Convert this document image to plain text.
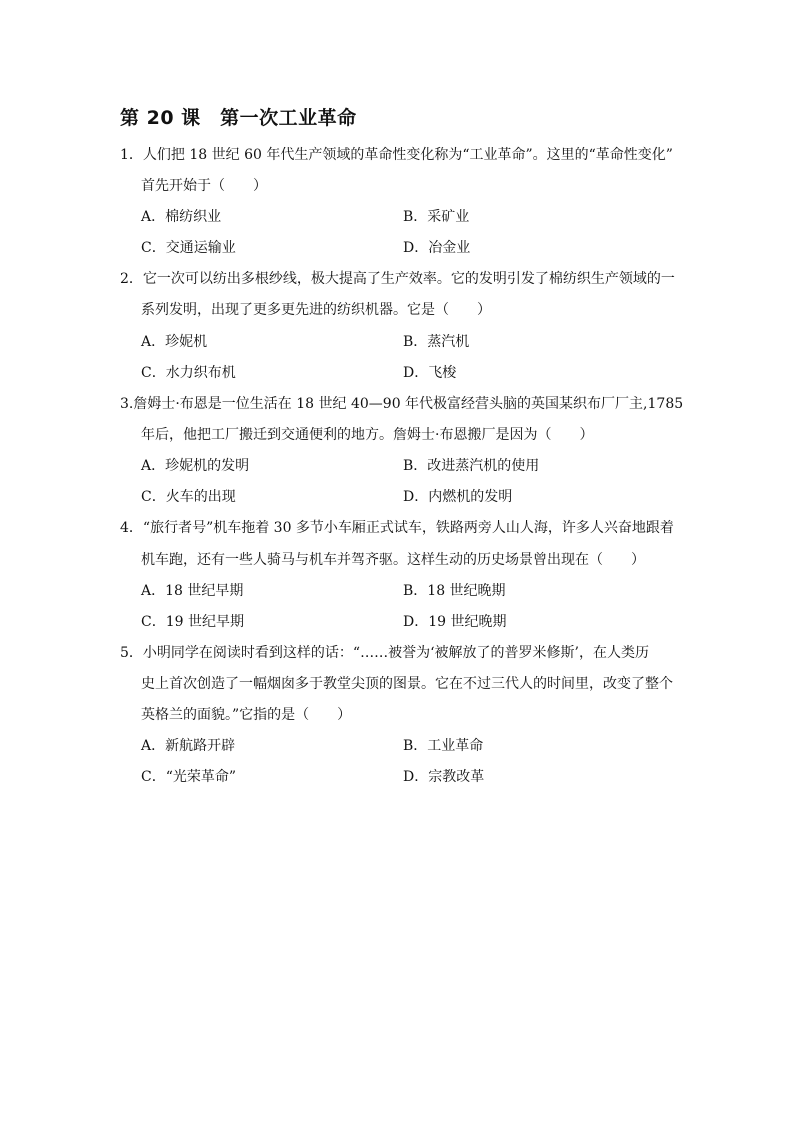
第 20 课　第一次工业革命
1．人们把 18 世纪 60 年代生产领域的革命性变化称为“工业革命”。这里的“革命性变化”
首先开始于（　　）
A．棉纺织业	B．采矿业
C．交通运输业	D．冶金业
2．它一次可以纺出多根纱线，极大提高了生产效率。它的发明引发了棉纺织生产领域的一
系列发明，出现了更多更先进的纺织机器。它是（　　）
A．珍妮机	B．蒸汽机
C．水力织布机	D．飞梭
3.詹姆士·布恩是一位生活在 18 世纪 40—90 年代极富经营头脑的英国某织布厂厂主,1785
年后，他把工厂搬迁到交通便利的地方。詹姆士·布恩搬厂是因为（　　）
A．珍妮机的发明	B．改进蒸汽机的使用
C．火车的出现	D．内燃机的发明
4．“旅行者号”机车拖着 30 多节小车厢正式试车，铁路两旁人山人海，许多人兴奋地跟着
机车跑，还有一些人骑马与机车并驾齐驱。这样生动的历史场景曾出现在（　　）
A．18 世纪早期	B．18 世纪晚期
C．19 世纪早期	D．19 世纪晚期
5．小明同学在阅读时看到这样的话：“……被誉为‘被解放了的普罗米修斯’，在人类历
史上首次创造了一幅烟囱多于教堂尖顶的图景。它在不过三代人的时间里，改变了整个
英格兰的面貌。”它指的是（　　）
A．新航路开辟	B．工业革命
C．“光荣革命”	D．宗教改革
